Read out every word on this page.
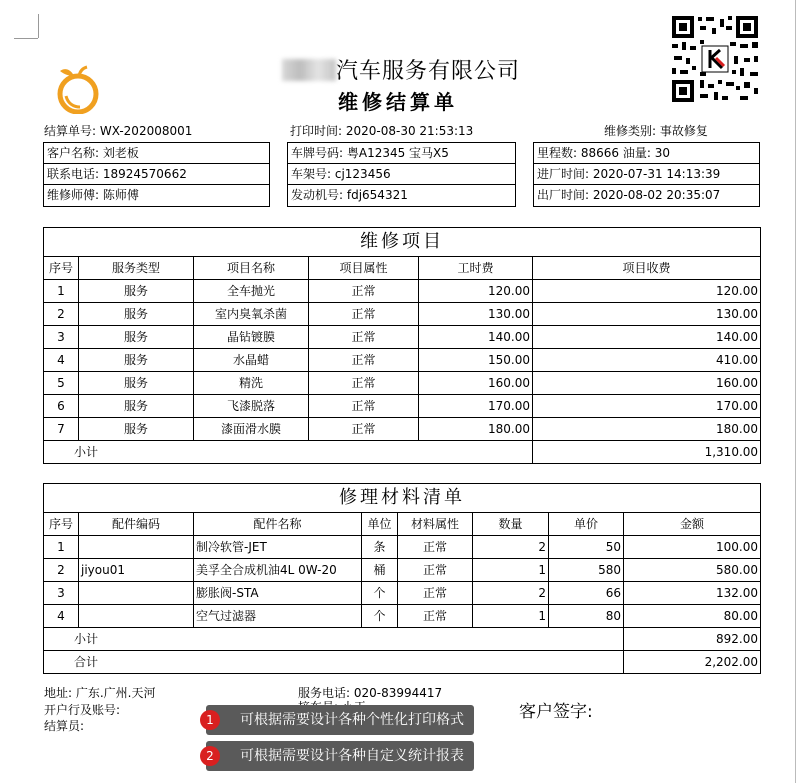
汽车服务有限公司
维修结算单
结算单号: WX-202008001	打印时间: 2020-08-30 21:53:13	维修类别: 事故修复
客户名称: 刘老板
联系电话: 18924570662
维修师傅: 陈师傅
车牌号码: 粤A12345 宝马X5
车架号: cj123456
发动机号: fdj654321
里程数: 88666 油量: 30
进厂时间: 2020-07-31 14:13:39
出厂时间: 2020-08-02 20:35:07
维修项目					
序号	服务类型	项目名称	项目属性	工时费	项目收费
1	服务	全车抛光	正常	120.00	120.00
2	服务	室内臭氧杀菌	正常	130.00	130.00
3	服务	晶钻镀膜	正常	140.00	140.00
4	服务	水晶蜡	正常	150.00	410.00
5	服务	精洗	正常	160.00	160.00
6	服务	飞漆脱落	正常	170.00	170.00
7	服务	漆面滑水膜	正常	180.00	180.00
小计					1,310.00
修理材料清单							
序号	配件编码	配件名称	单位	材料属性	数量	单价	金额
1		制冷软管-JET	条	正常	2	50	100.00
2	jiyou01	美孚全合成机油4L 0W-20	桶	正常	1	580	580.00
3		膨胀阀-STA	个	正常	2	66	132.00
4		空气过滤器	个	正常	1	80	80.00
小计							892.00
合计							2,202.00
地址: 广东.广州.天河	服务电话: 020-83994417
开户行及账号:
结算员:
客户签字:
1	可根据需要设计各种个性化打印格式
2	可根据需要设计各种自定义统计报表
